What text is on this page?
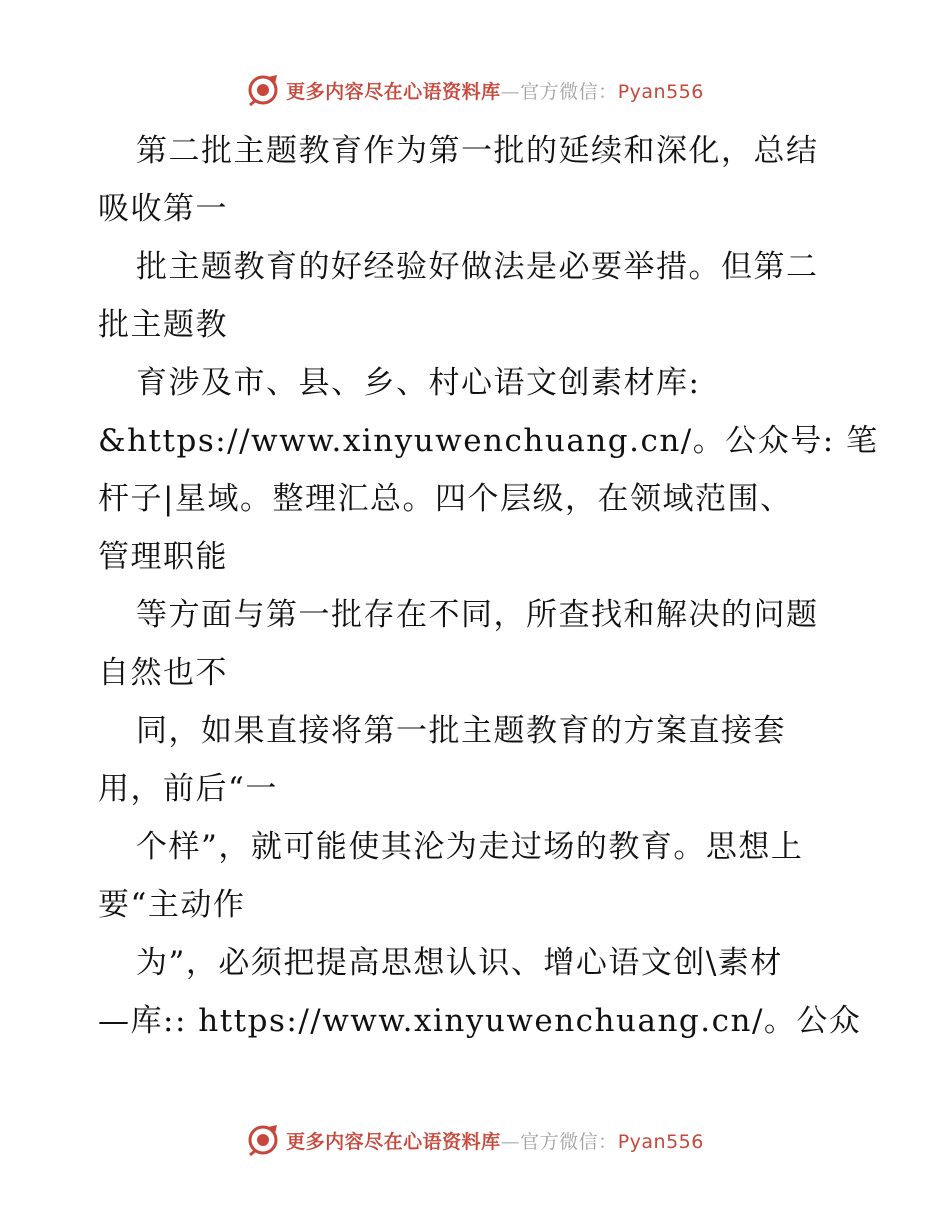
更多内容尽在心语资料库—官方微信：Pyan556
第二批主题教育作为第一批的延续和深化，总结
吸收第一
批主题教育的好经验好做法是必要举措。但第二
批主题教
育涉及市、县、乡、村心语文创素材库:
&https://www.xinyuwenchuang.cn/。公众号: 笔
杆子|星域。整理汇总。四个层级，在领域范围、
管理职能
等方面与第一批存在不同，所查找和解决的问题
自然也不
同，如果直接将第一批主题教育的方案直接套
用，前后“一
个样”，就可能使其沦为走过场的教育。思想上
要“主动作
为”，必须把提高思想认识、增心语文创\素材
—库:: https://www.xinyuwenchuang.cn/。公众
更多内容尽在心语资料库—官方微信：Pyan556
